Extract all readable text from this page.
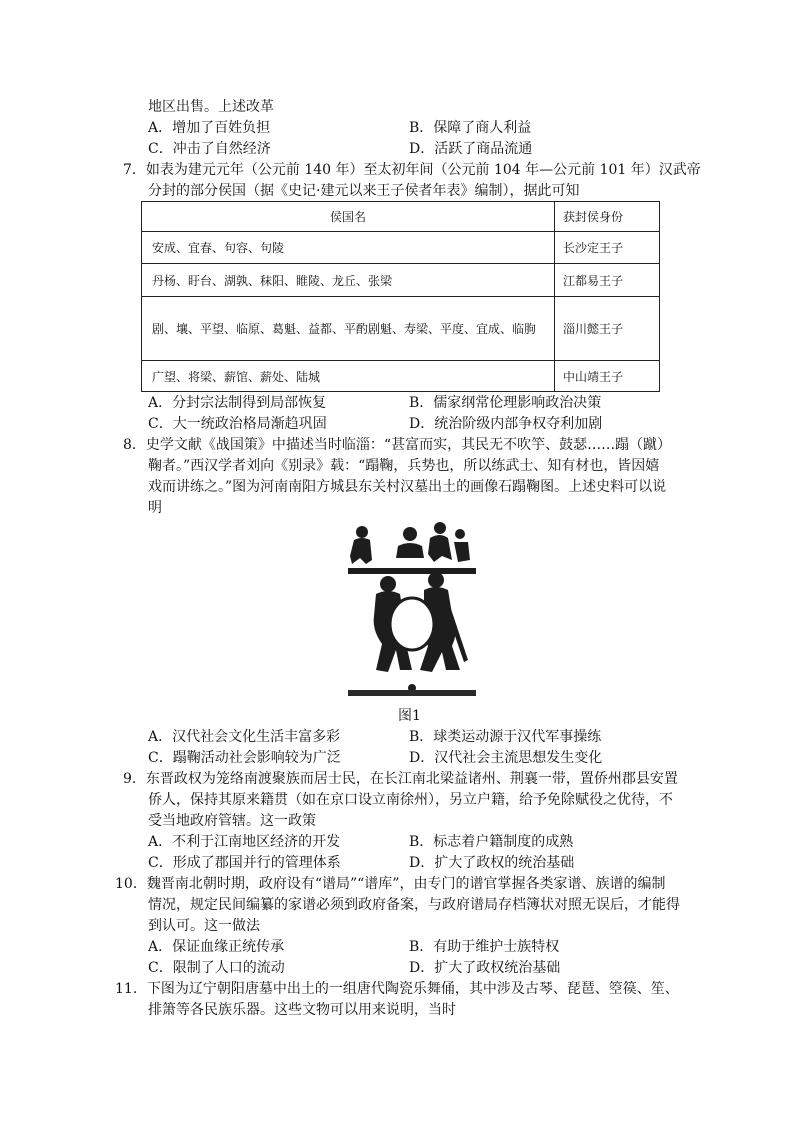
地区出售。上述改革
A．增加了百姓负担	B．保障了商人利益
C．冲击了自然经济	D．活跃了商品流通
7．如表为建元元年（公元前 140 年）至太初年间（公元前 104 年—公元前 101 年）汉武帝
分封的部分侯国（据《史记·建元以来王子侯者年表》编制），据此可知
侯国名	获封侯身份
安成、宜春、句容、句陵	长沙定王子
丹杨、盱台、湖孰、秣阳、睢陵、龙丘、张梁	江都易王子
剧、壤、平望、临原、葛魁、益都、平酌剧魁、寿梁、平度、宜成、临朐	淄川懿王子
广望、将梁、薪馆、薪处、陆城	中山靖王子
A．分封宗法制得到局部恢复	B．儒家纲常伦理影响政治决策
C．大一统政治格局渐趋巩固	D．统治阶级内部争权夺利加剧
8．史学文献《战国策》中描述当时临淄：“甚富而实，其民无不吹竽、鼓瑟……蹋（蹴）
鞠者。”西汉学者刘向《别录》载：“蹋鞠，兵势也，所以练武士、知有材也，皆因嬉
戏而讲练之。”图为河南南阳方城县东关村汉墓出土的画像石蹋鞠图。上述史料可以说
明
图1
A．汉代社会文化生活丰富多彩	B．球类运动源于汉代军事操练
C．蹋鞠活动社会影响较为广泛	D．汉代社会主流思想发生变化
9．东晋政权为笼络南渡聚族而居士民，在长江南北梁益诸州、荆襄一带，置侨州郡县安置
侨人，保持其原来籍贯（如在京口设立南徐州），另立户籍，给予免除赋役之优待，不
受当地政府管辖。这一政策
A．不利于江南地区经济的开发	B．标志着户籍制度的成熟
C．形成了郡国并行的管理体系	D．扩大了政权的统治基础
10．魏晋南北朝时期，政府设有“谱局”“谱库”，由专门的谱官掌握各类家谱、族谱的编制
情况，规定民间编纂的家谱必须到政府备案，与政府谱局存档簿状对照无误后，才能得
到认可。这一做法
A．保证血缘正统传承	B．有助于维护士族特权
C．限制了人口的流动	D．扩大了政权统治基础
11．下图为辽宁朝阳唐墓中出土的一组唐代陶瓷乐舞俑，其中涉及古琴、琵琶、箜篌、笙、
排箫等各民族乐器。这些文物可以用来说明，当时
